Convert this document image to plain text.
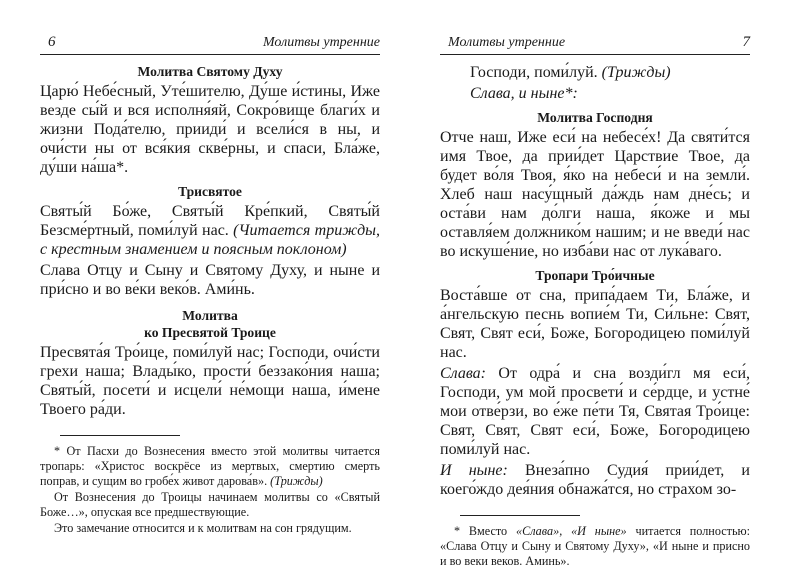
6	Молитвы утренние
Молитва Святому Духу

Царю́ Небе́сный, Уте́шителю, Ду́ше и́стины, Иже везде сы́й и вся исполня́яй, Сокро́вище благи́х и жизни Пода́телю, прииди́ и всели́ся в ны, и очи́сти ны от вся́кия скве́рны, и спаси, Бла́же, ду́ши на́ша*.

Трисвятое

Святы́й Бо́же, Святы́й Кре́пкий, Святы́й Безсме́ртный, поми́луй нас. (Читается трижды, с крестным знамением и поясным поклоном)

Слава Отцу и Сыну и Святому Духу, и ныне и при́сно и во ве́ки веко́в. Ами́нь.

Молитва
ко Пресвятой Троице

Пресвята́я Тро́ице, поми́луй нас; Господи, очи́сти грехи наша; Влады́ко, прости́ беззако́ния наша; Святы́й, посети́ и исцели́ не́мощи наша, и́мене Твоего ра́ди.

* От Пасхи до Вознесения вместо этой молитвы читается тропарь: «Христос воскрёсе из мертвых, смертию смерть поправ, и сущим во гробе́х живот дарова́в». (Трижды)

От Вознесения до Троицы начинаем молитвы со «Святый Боже…», опуская все предшествующие.

Это замечание относится и к молитвам на сон грядущим.

Молитвы утренние	7

Господи, поми́луй. (Трижды)

Слава, и ныне*:

Молитва Господня

Отче наш, Иже еси́ на небесе́х! Да святи́тся имя Твое, да прии́дет Царствие Твое, да будет во́ля Твоя, я́ко на небеси́ и на земли́. Хлеб наш насу́щный да́ждь нам дне́сь; и оста́ви нам до́лги наша, я́коже и мы оставля́ем должнико́м нашим; и не введи́ нас во искуше́ние, но изба́ви нас от лука́ваго.

Тропари Тро́ичные

Воста́вше от сна, припа́даем Ти, Бла́же, и а́нгельскую песнь вопие́м Ти, Си́льне: Свят, Свят, Свят еси́, Боже, Богородицею поми́луй нас.

Слава: От одра́ и сна возди́гл мя еси́, Господи, ум мой просвети́ и се́рдце, и устне́ мои отве́рзи, во е́же пе́ти Тя, Святая Тро́ице: Свят, Свят, Свят еси́, Боже, Богородицею поми́луй нас.

И ныне: Внеза́пно Судия́ прии́дет, и коего́ждо дея́ния обнажа́тся, но страхом зо-

* Вместо «Слава», «И ныне» читается полностью: «Слава Отцу и Сыну и Святому Духу», «И ныне и присно и во веки веков. Аминь».
